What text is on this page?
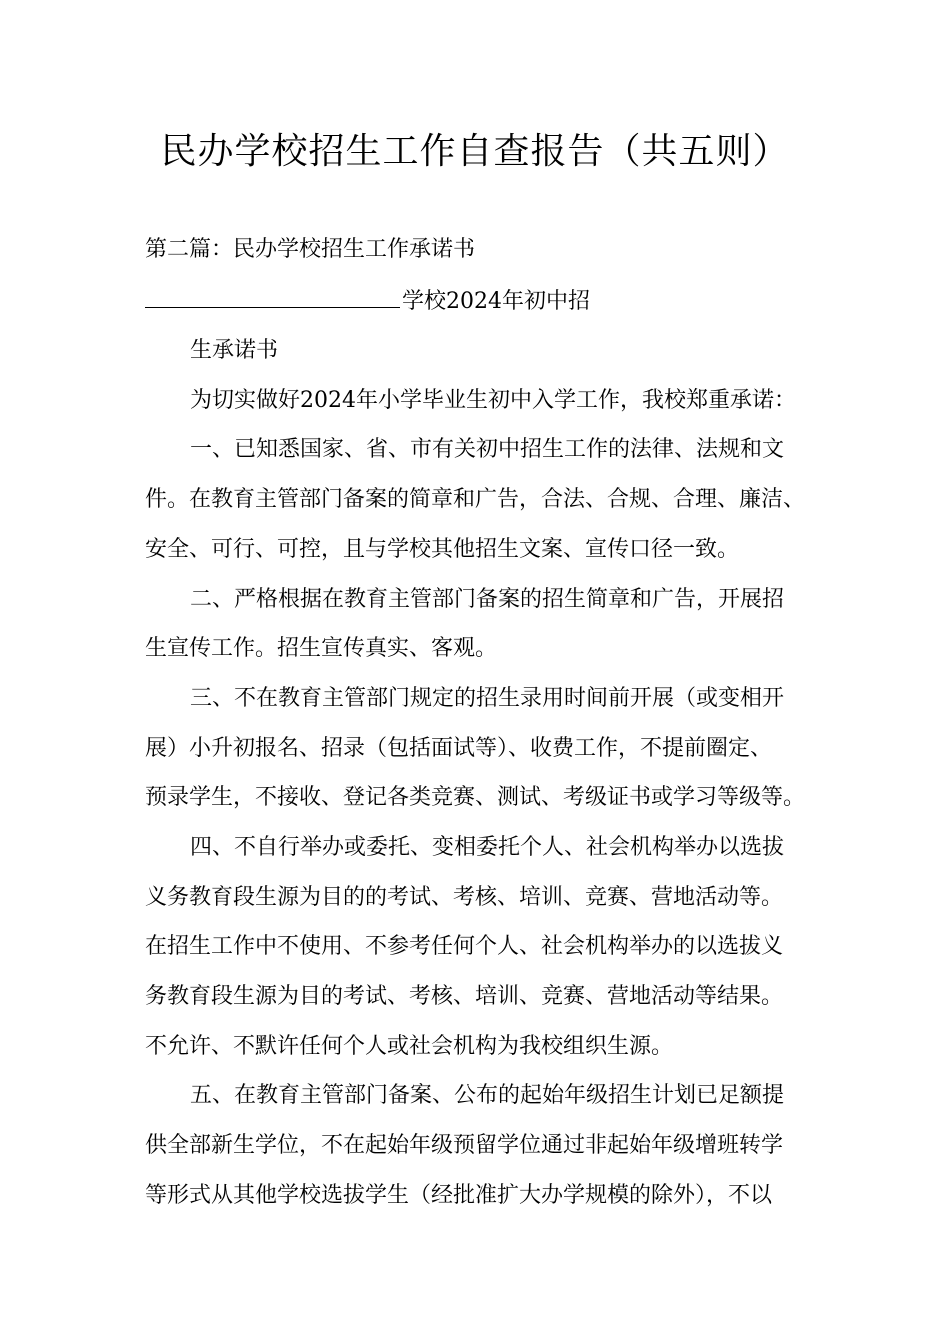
民办学校招生工作自查报告（共五则）

第二篇：民办学校招生工作承诺书

学校2024年初中招

生承诺书

为切实做好2024年小学毕业生初中入学工作，我校郑重承诺：

一、已知悉国家、省、市有关初中招生工作的法律、法规和文

件。在教育主管部门备案的简章和广告，合法、合规、合理、廉洁、

安全、可行、可控，且与学校其他招生文案、宣传口径一致。

二、严格根据在教育主管部门备案的招生简章和广告，开展招

生宣传工作。招生宣传真实、客观。

三、不在教育主管部门规定的招生录用时间前开展（或变相开

展）小升初报名、招录（包括面试等）、收费工作，不提前圈定、

预录学生，不接收、登记各类竞赛、测试、考级证书或学习等级等。

四、不自行举办或委托、变相委托个人、社会机构举办以选拔

义务教育段生源为目的的考试、考核、培训、竞赛、营地活动等。

在招生工作中不使用、不参考任何个人、社会机构举办的以选拔义

务教育段生源为目的考试、考核、培训、竞赛、营地活动等结果。

不允许、不默许任何个人或社会机构为我校组织生源。

五、在教育主管部门备案、公布的起始年级招生计划已足额提

供全部新生学位，不在起始年级预留学位通过非起始年级增班转学

等形式从其他学校选拔学生（经批准扩大办学规模的除外），不以
